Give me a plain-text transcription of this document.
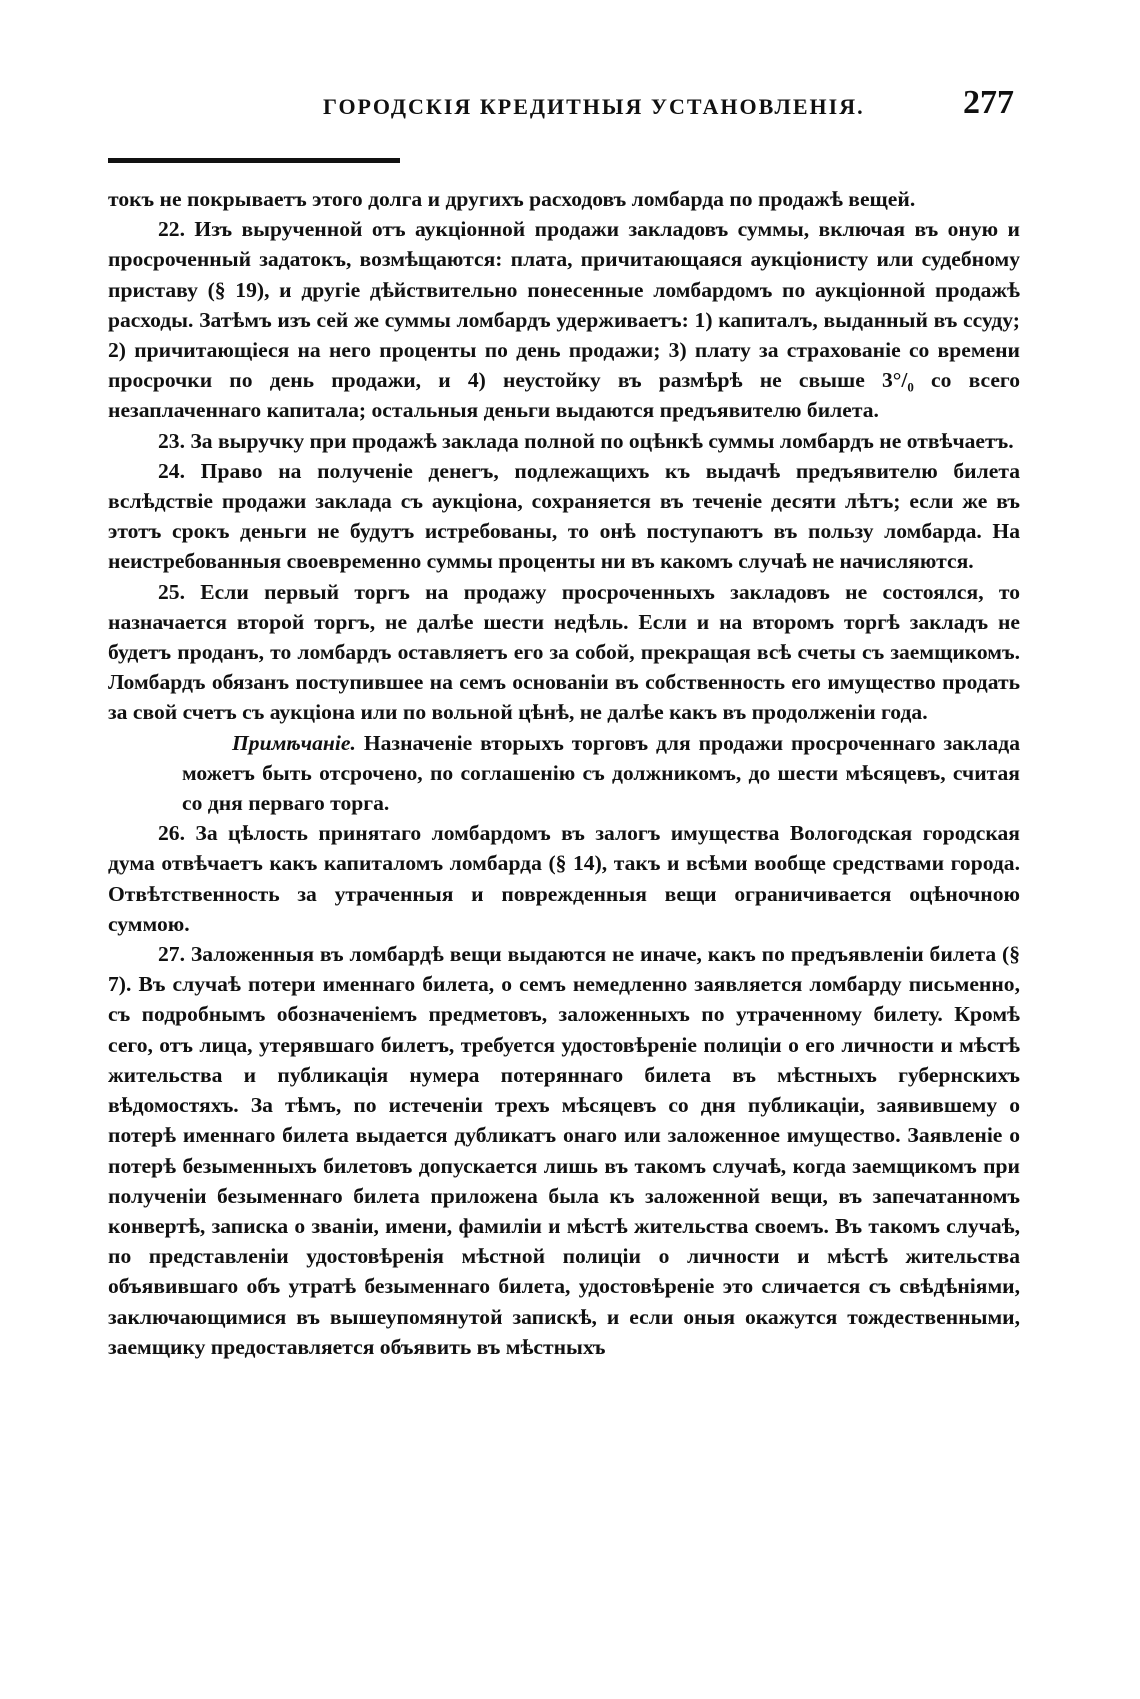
ГОРОДСКІЯ КРЕДИТНЫЯ УСТАНОВЛЕНІЯ.	277

токъ не покрываетъ этого долга и другихъ расходовъ ломбарда по продажѣ вещей.

22. Изъ вырученной отъ аукціонной продажи закладовъ суммы, включая въ оную и просроченный задатокъ, возмѣщаются: плата, причитающаяся аукціонисту или судебному приставу (§ 19), и другіе дѣйствительно понесенные ломбардомъ по аукціонной продажѣ расходы. Затѣмъ изъ сей же суммы ломбардъ удерживаетъ: 1) капиталъ, выданный въ ссуду; 2) причитающіеся на него проценты по день продажи; 3) плату за страхованіе со времени просрочки по день продажи, и 4) неустойку въ размѣрѣ не свыше 3°/₀ со всего незаплаченнаго капитала; остальныя деньги выдаются предъявителю билета.

23. За выручку при продажѣ заклада полной по оцѣнкѣ суммы ломбардъ не отвѣчаетъ.

24. Право на полученіе денегъ, подлежащихъ къ выдачѣ предъявителю билета вслѣдствіе продажи заклада съ аукціона, сохраняется въ теченіе десяти лѣтъ; если же въ этотъ срокъ деньги не будутъ истребованы, то онѣ поступаютъ въ пользу ломбарда. На неистребованныя своевременно суммы проценты ни въ какомъ случаѣ не начисляются.

25. Если первый торгъ на продажу просроченныхъ закладовъ не состоялся, то назначается второй торгъ, не далѣе шести недѣль. Если и на второмъ торгѣ закладъ не будетъ проданъ, то ломбардъ оставляетъ его за собой, прекращая всѣ счеты съ заемщикомъ. Ломбардъ обязанъ поступившее на семъ основаніи въ собственность его имущество продать за свой счетъ съ аукціона или по вольной цѣнѣ, не далѣе какъ въ продолженіи года.

Примѣчаніе. Назначеніе вторыхъ торговъ для продажи просроченнаго заклада можетъ быть отсрочено, по соглашенію съ должникомъ, до шести мѣсяцевъ, считая со дня перваго торга.

26. За цѣлость принятаго ломбардомъ въ залогъ имущества Вологодская городская дума отвѣчаетъ какъ капиталомъ ломбарда (§ 14), такъ и всѣми вообще средствами города. Отвѣтственность за утраченныя и поврежденныя вещи ограничивается оцѣночною суммою.

27. Заложенныя въ ломбардѣ вещи выдаются не иначе, какъ по предъявленіи билета (§ 7). Въ случаѣ потери именнаго билета, о семъ немедленно заявляется ломбарду письменно, съ подробнымъ обозначеніемъ предметовъ, заложенныхъ по утраченному билету. Кромѣ сего, отъ лица, утерявшаго билетъ, требуется удостовѣреніе полиціи о его личности и мѣстѣ жительства и публикація нумера потеряннаго билета въ мѣстныхъ губернскихъ вѣдомостяхъ. За тѣмъ, по истеченіи трехъ мѣсяцевъ со дня публикаціи, заявившему о потерѣ именнаго билета выдается дубликатъ онаго или заложенное имущество. Заявленіе о потерѣ безыменныхъ билетовъ допускается лишь въ такомъ случаѣ, когда заемщикомъ при полученіи безыменнаго билета приложена была къ заложенной вещи, въ запечатанномъ конвертѣ, записка о званіи, имени, фамиліи и мѣстѣ жительства своемъ. Въ такомъ случаѣ, по представленіи удостовѣренія мѣстной полиціи о личности и мѣстѣ жительства объявившаго объ утратѣ безыменнаго билета, удостовѣреніе это сличается съ свѣдѣніями, заключающимися въ вышеупомянутой запискѣ, и если оныя окажутся тождественными, заемщику предоставляется объявить въ мѣстныхъ
